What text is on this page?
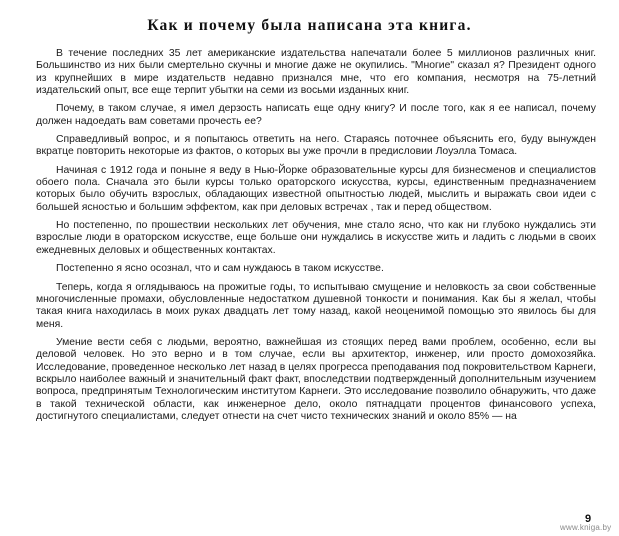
Как и почему была написана эта книга.

В течение последних 35 лет американские издательства напечатали более 5 миллионов различных книг. Большинство из них были смертельно скучны и многие даже не окупились. "Многие" сказал я? Президент одного из крупнейших в мире издательств недавно признался мне, что его компания, несмотря на 75-летний издательский опыт, все еще терпит убытки на семи из восьми изданных книг.

Почему, в таком случае, я имел дерзость написать еще одну книгу? И после того, как я ее написал, почему должен надоедать вам советами прочесть ее?

Справедливый вопрос, и я попытаюсь ответить на него. Стараясь поточнее объяснить его, буду вынужден вкратце повторить некоторые из фактов, о которых вы уже прочли в предисловии Лоуэлла Томаса.

Начиная с 1912 года и поныне я веду в Нью-Йорке образовательные курсы для бизнесменов и специалистов обоего пола. Сначала это были курсы только ораторского искусства, курсы, единственным предназначением которых было обучить взрослых, обладающих известной опытностью людей, мыслить и выражать свои идеи с большей ясностью и большим эффектом, как при деловых встречах , так и перед обществом.

Но постепенно, по прошествии нескольких лет обучения, мне стало ясно, что как ни глубоко нуждались эти взрослые люди в ораторском искусстве, еще больше они нуждались в искусстве жить и ладить с людьми в своих ежедневных деловых и общественных контактах.

Постепенно я ясно осознал, что и сам нуждаюсь в таком искусстве.

Теперь, когда я оглядываюсь на прожитые годы, то испытываю смущение и неловкость за свои собственные многочисленные промахи, обусловленные недостатком душевной тонкости и понимания. Как бы я желал, чтобы такая книга находилась в моих руках двадцать лет тому назад, какой неоценимой помощью это явилось бы для меня.

Умение вести себя с людьми, вероятно, важнейшая из стоящих перед вами проблем, особенно, если вы деловой человек. Но это верно и в том случае, если вы архитектор, инженер, или просто домохозяйка. Исследование, проведенное несколько лет назад в целях прогресса преподавания под покровительством Карнеги, вскрыло наиболее важный и значительный факт факт, впоследствии подтвержденный дополнительным изучением вопроса, предпринятым Технологическим институтом Карнеги. Это исследование позволило обнаружить, что даже в такой технической области, как инженерное дело, около пятнадцати процентов финансового успеха, достигнутого специалистами, следует отнести на счет чисто технических знаний и около 85% — на

9
www.kniga.by
